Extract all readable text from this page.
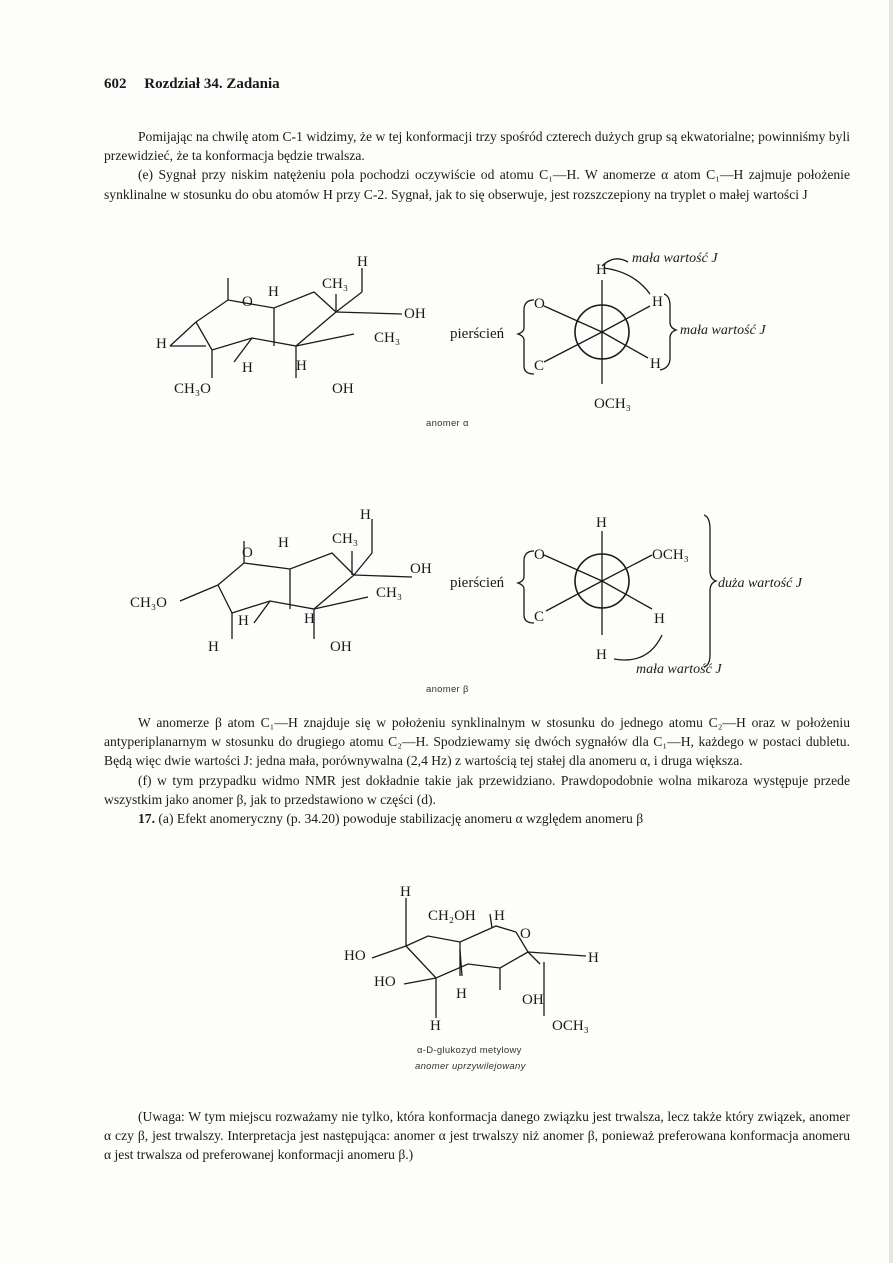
602 Rozdział 34. Zadania

Pomijając na chwilę atom C-1 widzimy, że w tej konformacji trzy spośród czterech dużych grup są ekwatorialne; powinniśmy byli przewidzieć, że ta konformacja będzie trwalsza.

(e) Sygnał przy niskim natężeniu pola pochodzi oczywiście od atomu C₁—H. W anomerze α atom C₁—H zajmuje położenie synklinalne w stosunku do obu atomów H przy C-2. Sygnał, jak to się obserwuje, jest rozszczepiony na tryplet o małej wartości J

H
CH₃
H
O
OH
CH₃
H
H	H
CH₃O	OH
pierścień
H
O	H
C	H
OCH₃
mała wartość J
mała wartość J
anomer α
H
CH₃
H
O
OH
CH₃
CH₃O
H	H
H	OH
pierścień
H
O	OCH₃
C	H
H
duża wartość J
mała wartość J
anomer β

W anomerze β atom C₁—H znajduje się w położeniu synklinalnym w stosunku do jednego atomu C₂—H oraz w położeniu antyperiplanarnym w stosunku do drugiego atomu C₂—H. Spodziewamy się dwóch sygnałów dla C₁—H, każdego w postaci dubletu. Będą więc dwie wartości J: jedna mała, porównywalna (2,4 Hz) z wartością tej stałej dla anomeru α, i druga większa.

(f) w tym przypadku widmo NMR jest dokładnie takie jak przewidziano. Prawdopodobnie wolna mikaroza występuje przede wszystkim jako anomer β, jak to przedstawiono w części (d).

17. (a) Efekt anomeryczny (p. 34.20) powoduje stabilizację anomeru α względem anomeru β

H
CH₂OH H
O
HO
HO
H
H	OH
H	OCH₃
α-D-glukozyd metylowy
anomer uprzywilejowany

(Uwaga: W tym miejscu rozważamy nie tylko, która konformacja danego związku jest trwalsza, lecz także który związek, anomer α czy β, jest trwalszy. Interpretacja jest następująca: anomer α jest trwalszy niż anomer β, ponieważ preferowana konformacja anomeru α jest trwalsza od preferowanej konformacji anomeru β.)
